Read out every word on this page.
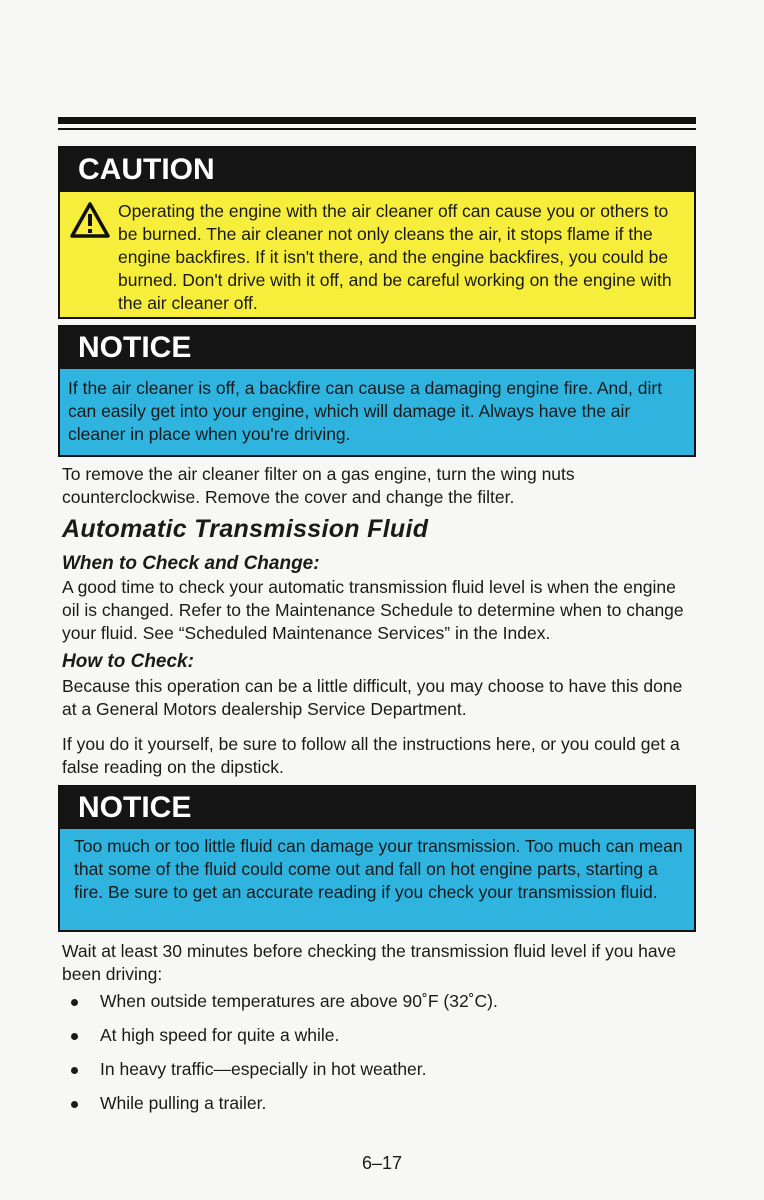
CAUTION
Operating the engine with the air cleaner off can cause you or others to be burned. The air cleaner not only cleans the air, it stops flame if the engine backfires. If it isn't there, and the engine backfires, you could be burned. Don't drive with it off, and be careful working on the engine with the air cleaner off.
NOTICE
If the air cleaner is off, a backfire can cause a damaging engine fire. And, dirt can easily get into your engine, which will damage it. Always have the air cleaner in place when you're driving.
To remove the air cleaner filter on a gas engine, turn the wing nuts counterclockwise. Remove the cover and change the filter.
Automatic Transmission Fluid
When to Check and Change:
A good time to check your automatic transmission fluid level is when the engine oil is changed. Refer to the Maintenance Schedule to determine when to change your fluid. See “Scheduled Maintenance Services” in the Index.
How to Check:
Because this operation can be a little difficult, you may choose to have this done at a General Motors dealership Service Department.
If you do it yourself, be sure to follow all the instructions here, or you could get a false reading on the dipstick.
NOTICE
Too much or too little fluid can damage your transmission. Too much can mean that some of the fluid could come out and fall on hot engine parts, starting a fire. Be sure to get an accurate reading if you check your transmission fluid.
Wait at least 30 minutes before checking the transmission fluid level if you have been driving:
When outside temperatures are above 90˚F (32˚C).
At high speed for quite a while.
In heavy traffic—especially in hot weather.
While pulling a trailer.
6–17
